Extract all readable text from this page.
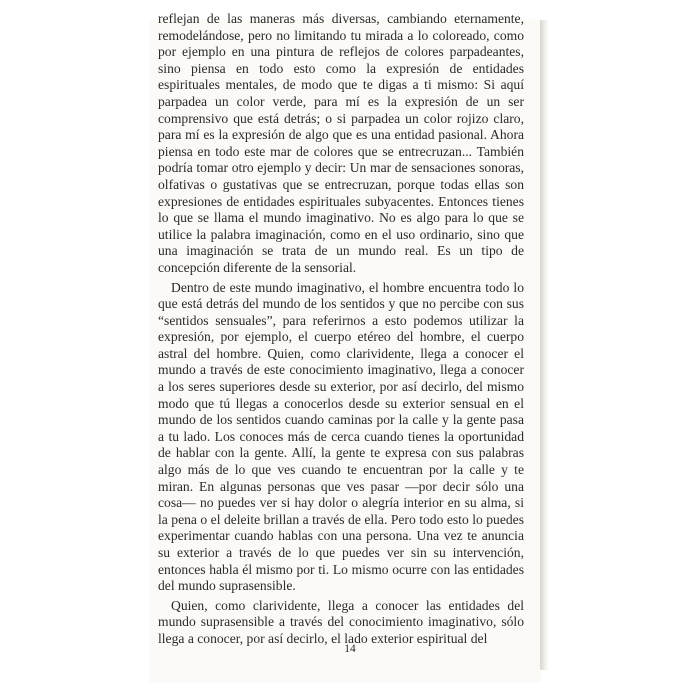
reflejan de las maneras más diversas, cambiando eternamente, remodelándose, pero no limitando tu mirada a lo coloreado, como por ejemplo en una pintura de reflejos de colores parpadeantes, sino piensa en todo esto como la expresión de entidades espirituales mentales, de modo que te digas a ti mismo: Si aquí parpadea un color verde, para mí es la expresión de un ser comprensivo que está detrás; o si parpadea un color rojizo claro, para mí es la expresión de algo que es una entidad pasional. Ahora piensa en todo este mar de colores que se entrecruzan... También podría tomar otro ejemplo y decir: Un mar de sensaciones sonoras, olfativas o gustativas que se entrecruzan, porque todas ellas son expresiones de entidades espirituales subyacentes. Entonces tienes lo que se llama el mundo imaginativo. No es algo para lo que se utilice la palabra imaginación, como en el uso ordinario, sino que una imaginación se trata de un mundo real. Es un tipo de concepción diferente de la sensorial.

Dentro de este mundo imaginativo, el hombre encuentra todo lo que está detrás del mundo de los sentidos y que no percibe con sus “sentidos sensuales”, para referirnos a esto podemos utilizar la expresión, por ejemplo, el cuerpo etéreo del hombre, el cuerpo astral del hombre. Quien, como clarividente, llega a conocer el mundo a través de este conocimiento imaginativo, llega a conocer a los seres superiores desde su exterior, por así decirlo, del mismo modo que tú llegas a conocerlos desde su exterior sensual en el mundo de los sentidos cuando caminas por la calle y la gente pasa a tu lado. Los conoces más de cerca cuando tienes la oportunidad de hablar con la gente. Allí, la gente te expresa con sus palabras algo más de lo que ves cuando te encuentran por la calle y te miran. En algunas personas que ves pasar —por decir sólo una cosa— no puedes ver si hay dolor o alegría interior en su alma, si la pena o el deleite brillan a través de ella. Pero todo esto lo puedes experimentar cuando hablas con una persona. Una vez te anuncia su exterior a través de lo que puedes ver sin su intervención, entonces habla él mismo por ti. Lo mismo ocurre con las entidades del mundo suprasensible.

Quien, como clarividente, llega a conocer las entidades del mundo suprasensible a través del conocimiento imaginativo, sólo llega a conocer, por así decirlo, el lado exterior espiritual del

14
